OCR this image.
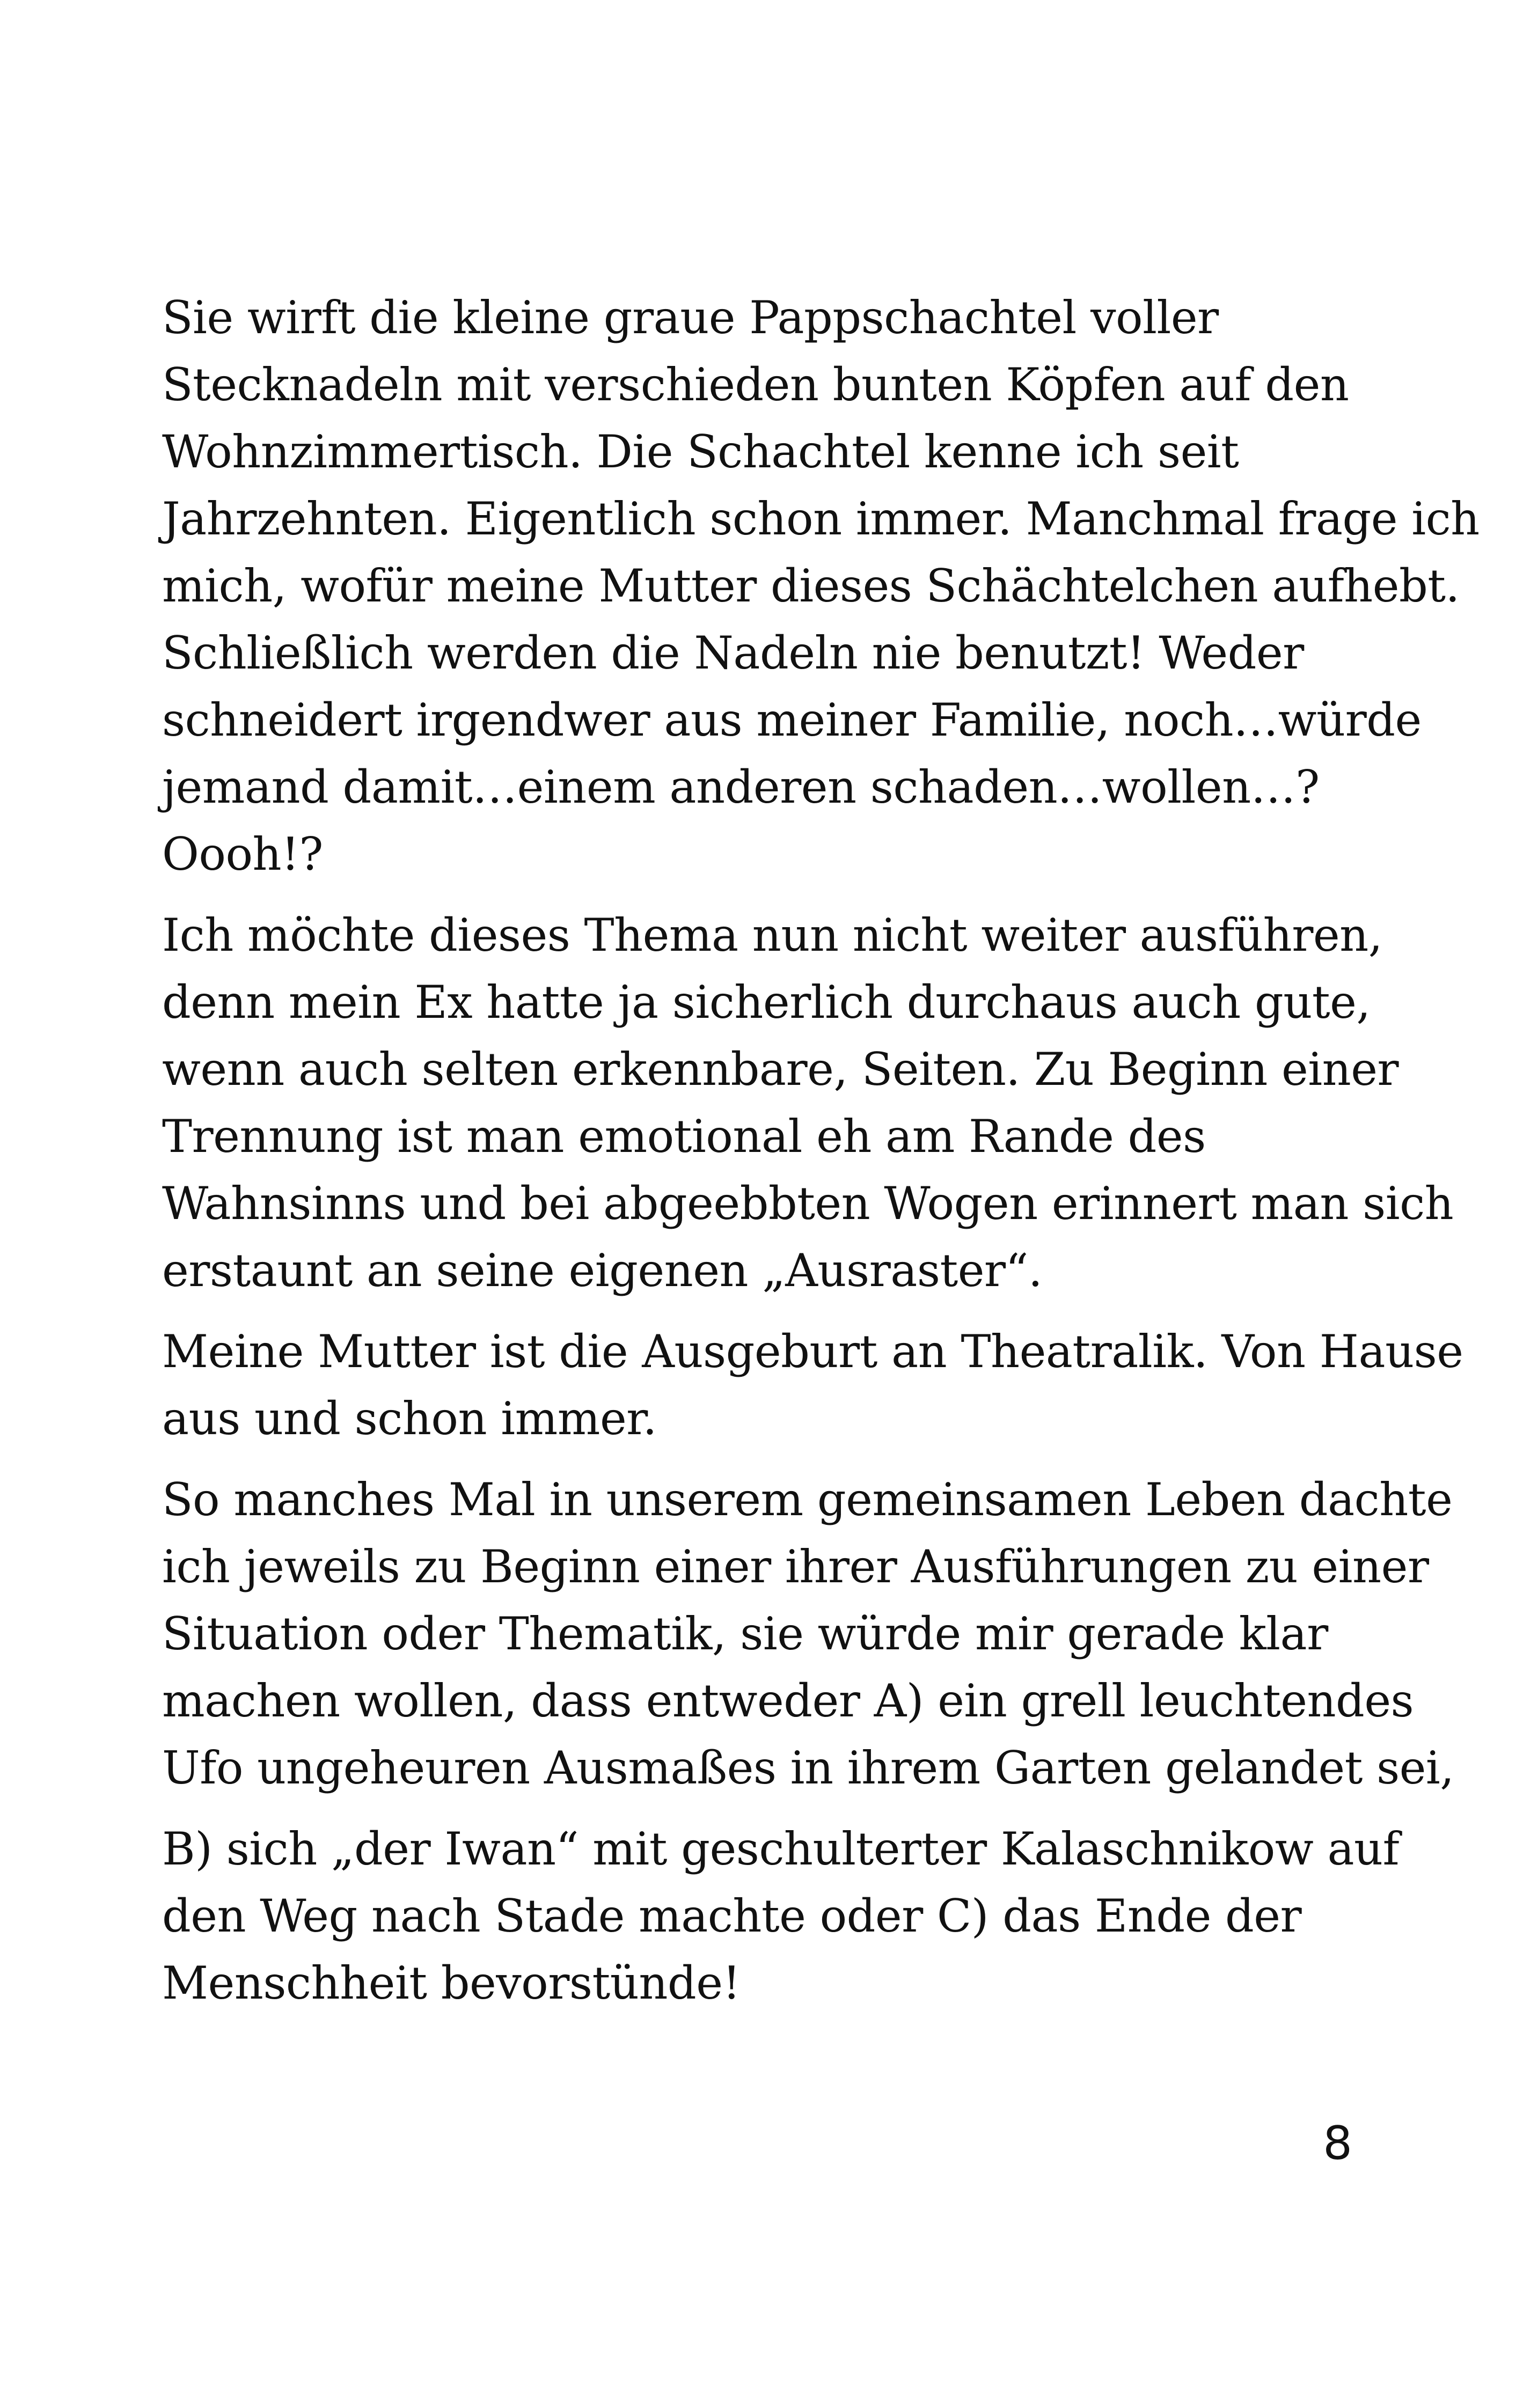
Sie wirft die kleine graue Pappschachtel voller
Stecknadeln mit verschieden bunten Köpfen auf den
Wohnzimmertisch. Die Schachtel kenne ich seit
Jahrzehnten. Eigentlich schon immer. Manchmal frage ich
mich, wofür meine Mutter dieses Schächtelchen aufhebt.
Schließlich werden die Nadeln nie benutzt! Weder
schneidert irgendwer aus meiner Familie, noch…würde
jemand damit…einem anderen schaden…wollen…?
Oooh!?

Ich möchte dieses Thema nun nicht weiter ausführen,
denn mein Ex hatte ja sicherlich durchaus auch gute,
wenn auch selten erkennbare, Seiten. Zu Beginn einer
Trennung ist man emotional eh am Rande des
Wahnsinns und bei abgeebbten Wogen erinnert man sich
erstaunt an seine eigenen „Ausraster“.

Meine Mutter ist die Ausgeburt an Theatralik. Von Hause
aus und schon immer.

So manches Mal in unserem gemeinsamen Leben dachte
ich jeweils zu Beginn einer ihrer Ausführungen zu einer
Situation oder Thematik, sie würde mir gerade klar
machen wollen, dass entweder A) ein grell leuchtendes
Ufo ungeheuren Ausmaßes in ihrem Garten gelandet sei,

B) sich „der Iwan“ mit geschulterter Kalaschnikow auf
den Weg nach Stade machte oder C) das Ende der
Menschheit bevorstünde!

8
